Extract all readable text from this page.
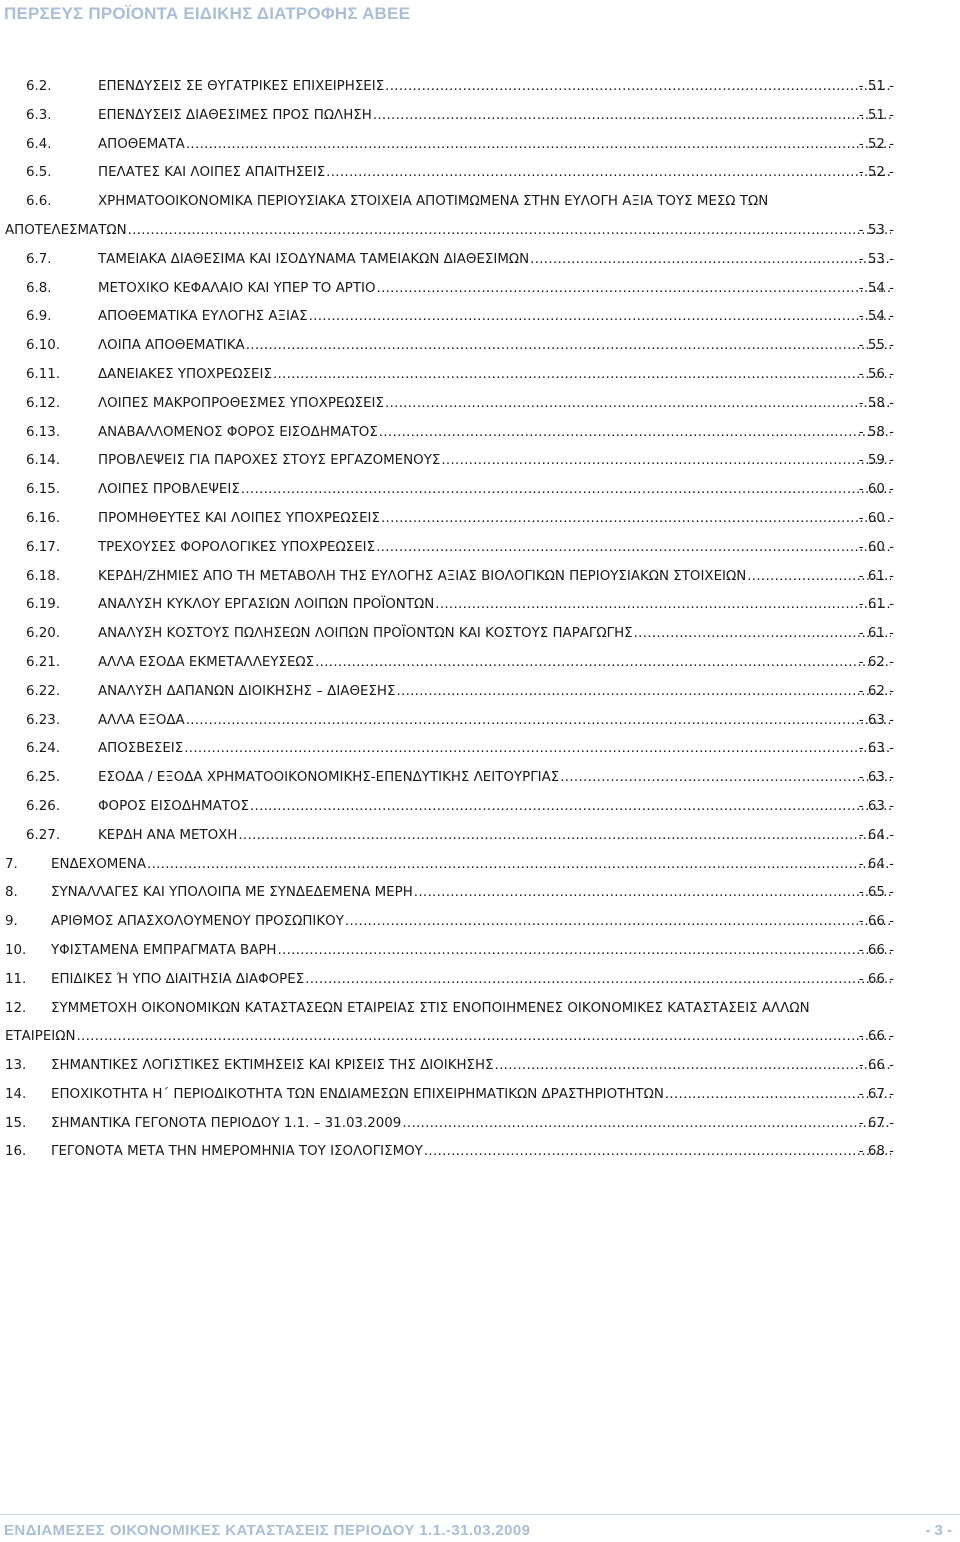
ΠΕΡΣΕΥΣ ΠΡΟΪΟΝΤΑ ΕΙΔΙΚΗΣ ΔΙΑΤΡΟΦΗΣ ΑΒΕΕ
6.2.	ΕΠΕΝΔΥΣΕΙΣ ΣΕ ΘΥΓΑΤΡΙΚΕΣ ΕΠΙΧΕΙΡΗΣΕΙΣ .....	- 51 -
6.3.	ΕΠΕΝΔΥΣΕΙΣ ΔΙΑΘΕΣΙΜΕΣ ΠΡΟΣ ΠΩΛΗΣΗ .....	- 51 -
6.4.	ΑΠΟΘΕΜΑΤΑ .....	- 52 -
6.5.	ΠΕΛΑΤΕΣ ΚΑΙ ΛΟΙΠΕΣ ΑΠΑΙΤΗΣΕΙΣ .....	- 52 -
6.6.	ΧΡΗΜΑΤΟΟΙΚΟΝΟΜΙΚΑ ΠΕΡΙΟΥΣΙΑΚΑ ΣΤΟΙΧΕΙΑ ΑΠΟΤΙΜΩΜΕΝΑ ΣΤΗΝ ΕΥΛΟΓΗ ΑΞΙΑ ΤΟΥΣ ΜΕΣΩ ΤΩΝ
ΑΠΟΤΕΛΕΣΜΑΤΩΝ .....	- 53 -
6.7.	ΤΑΜΕΙΑΚΑ ΔΙΑΘΕΣΙΜΑ ΚΑΙ ΙΣΟΔΥΝΑΜΑ ΤΑΜΕΙΑΚΩΝ ΔΙΑΘΕΣΙΜΩΝ .....	- 53 -
6.8.	ΜΕΤΟΧΙΚΟ ΚΕΦΑΛΑΙΟ ΚΑΙ ΥΠΕΡ ΤΟ ΑΡΤΙΟ .....	- 54 -
6.9.	ΑΠΟΘΕΜΑΤΙΚΑ ΕΥΛΟΓΗΣ ΑΞΙΑΣ .....	- 54 -
6.10.	ΛΟΙΠΑ ΑΠΟΘΕΜΑΤΙΚΑ .....	- 55 -
6.11.	ΔΑΝΕΙΑΚΕΣ ΥΠΟΧΡΕΩΣΕΙΣ .....	- 56 -
6.12.	ΛΟΙΠΕΣ ΜΑΚΡΟΠΡΟΘΕΣΜΕΣ ΥΠΟΧΡΕΩΣΕΙΣ .....	- 58 -
6.13.	ΑΝΑΒΑΛΛΟΜΕΝΟΣ ΦΟΡΟΣ ΕΙΣΟΔΗΜΑΤΟΣ .....	- 58 -
6.14.	ΠΡΟΒΛΕΨΕΙΣ ΓΙΑ ΠΑΡΟΧΕΣ ΣΤΟΥΣ ΕΡΓΑΖΟΜΕΝΟΥΣ .....	- 59 -
6.15.	ΛΟΙΠΕΣ ΠΡΟΒΛΕΨΕΙΣ .....	- 60 -
6.16.	ΠΡΟΜΗΘΕΥΤΕΣ ΚΑΙ ΛΟΙΠΕΣ ΥΠΟΧΡΕΩΣΕΙΣ .....	- 60 -
6.17.	ΤΡΕΧΟΥΣΕΣ ΦΟΡΟΛΟΓΙΚΕΣ ΥΠΟΧΡΕΩΣΕΙΣ .....	- 60 -
6.18.	ΚΕΡΔΗ/ΖΗΜΙΕΣ ΑΠΟ ΤΗ ΜΕΤΑΒΟΛΗ ΤΗΣ ΕΥΛΟΓΗΣ ΑΞΙΑΣ ΒΙΟΛΟΓΙΚΩΝ ΠΕΡΙΟΥΣΙΑΚΩΝ ΣΤΟΙΧΕΙΩΝ .....	- 61 -
6.19.	ΑΝΑΛΥΣΗ ΚΥΚΛΟΥ ΕΡΓΑΣΙΩΝ ΛΟΙΠΩΝ ΠΡΟΪΟΝΤΩΝ .....	- 61 -
6.20.	ΑΝΑΛΥΣΗ ΚΟΣΤΟΥΣ ΠΩΛΗΣΕΩΝ ΛΟΙΠΩΝ ΠΡΟΪΟΝΤΩΝ ΚΑΙ ΚΟΣΤΟΥΣ ΠΑΡΑΓΩΓΗΣ .....	- 61 -
6.21.	ΑΛΛΑ ΕΣΟΔΑ ΕΚΜΕΤΑΛΛΕΥΣΕΩΣ .....	- 62 -
6.22.	ΑΝΑΛΥΣΗ ΔΑΠΑΝΩΝ ΔΙΟΙΚΗΣΗΣ – ΔΙΑΘΕΣΗΣ .....	- 62 -
6.23.	ΑΛΛΑ ΕΞΟΔΑ .....	- 63 -
6.24.	ΑΠΟΣΒΕΣΕΙΣ .....	- 63 -
6.25.	ΕΣΟΔΑ / ΕΞΟΔΑ ΧΡΗΜΑΤΟΟΙΚΟΝΟΜΙΚΗΣ-ΕΠΕΝΔΥΤΙΚΗΣ ΛΕΙΤΟΥΡΓΙΑΣ .....	- 63 -
6.26.	ΦΟΡΟΣ ΕΙΣΟΔΗΜΑΤΟΣ .....	- 63 -
6.27.	ΚΕΡΔΗ ΑΝΑ ΜΕΤΟΧΗ .....	- 64 -
7. ΕΝΔΕΧΟΜΕΝΑ .....	- 64 -
8. ΣΥΝΑΛΛΑΓΕΣ ΚΑΙ ΥΠΟΛΟΙΠΑ ΜΕ ΣΥΝΔΕΔΕΜΕΝΑ ΜΕΡΗ .....	- 65 -
9. ΑΡΙΘΜΟΣ ΑΠΑΣΧΟΛΟΥΜΕΝΟΥ ΠΡΟΣΩΠΙΚΟΥ .....	- 66 -
10. ΥΦΙΣΤΑΜΕΝΑ ΕΜΠΡΑΓΜΑΤΑ ΒΑΡΗ .....	- 66 -
11. ΕΠΙΔΙΚΕΣ Ή ΥΠΟ ΔΙΑΙΤΗΣΙΑ ΔΙΑΦΟΡΕΣ .....	- 66 -
12. ΣΥΜΜΕΤΟΧΗ ΟΙΚΟΝΟΜΙΚΩΝ ΚΑΤΑΣΤΑΣΕΩΝ ΕΤΑΙΡΕΙΑΣ ΣΤΙΣ ΕΝΟΠΟΙΗΜΕΝΕΣ ΟΙΚΟΝΟΜΙΚΕΣ ΚΑΤΑΣΤΑΣΕΙΣ ΑΛΛΩΝ
ΕΤΑΙΡΕΙΩΝ .....	- 66 -
13. ΣΗΜΑΝΤΙΚΕΣ ΛΟΓΙΣΤΙΚΕΣ ΕΚΤΙΜΗΣΕΙΣ ΚΑΙ ΚΡΙΣΕΙΣ ΤΗΣ ΔΙΟΙΚΗΣΗΣ .....	- 66 -
14. ΕΠΟΧΙΚΟΤΗΤΑ Η΄ ΠΕΡΙΟΔΙΚΟΤΗΤΑ ΤΩΝ ΕΝΔΙΑΜΕΣΩΝ ΕΠΙΧΕΙΡΗΜΑΤΙΚΩΝ ΔΡΑΣΤΗΡΙΟΤΗΤΩΝ .....	- 67 -
15. ΣΗΜΑΝΤΙΚΑ ΓΕΓΟΝΟΤΑ ΠΕΡΙΟΔΟΥ 1.1. – 31.03.2009 .....	- 67 -
16. ΓΕΓΟΝΟΤΑ ΜΕΤΑ ΤΗΝ ΗΜΕΡΟΜΗΝΙΑ ΤΟΥ ΙΣΟΛΟΓΙΣΜΟΥ .....	- 68 -
ΕΝΔΙΑΜΕΣΕΣ ΟΙΚΟΝΟΜΙΚΕΣ ΚΑΤΑΣΤΑΣΕΙΣ ΠΕΡΙΟΔΟΥ 1.1.-31.03.2009	- 3 -
